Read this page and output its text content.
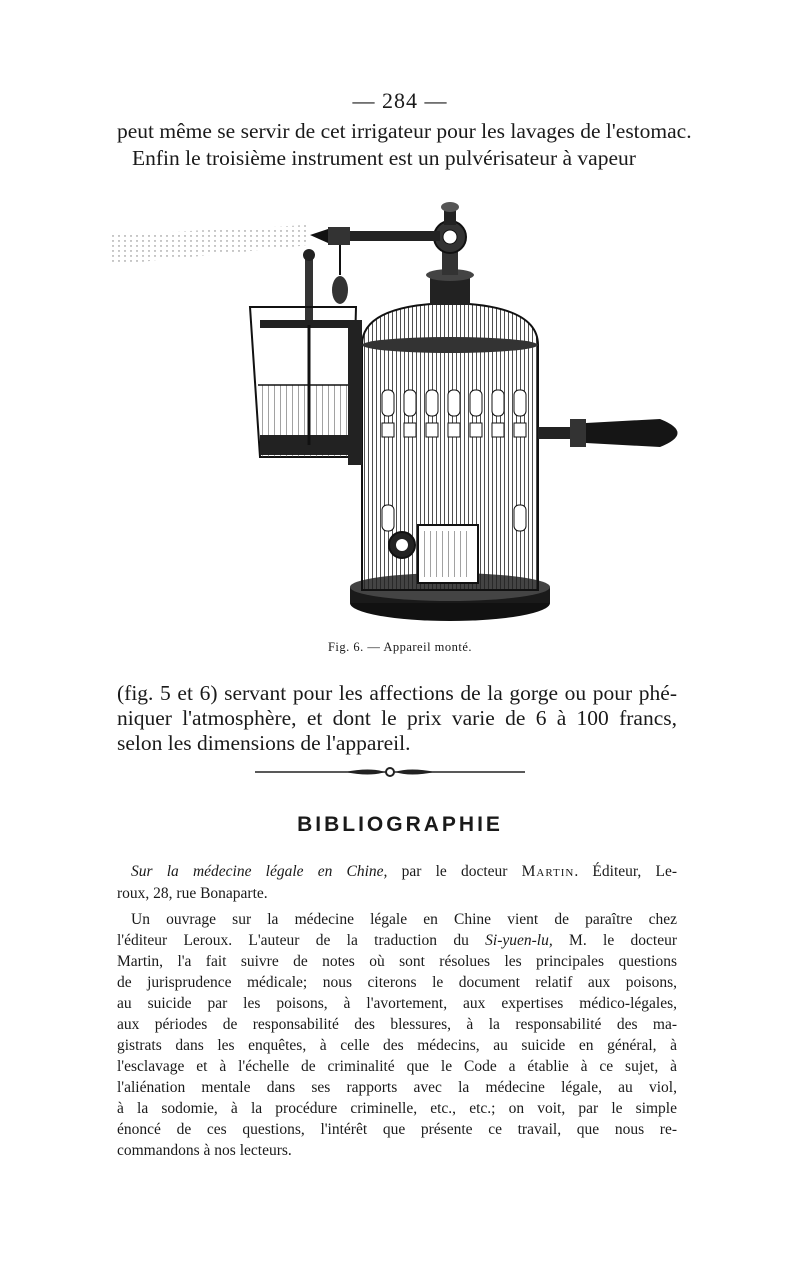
— 284 —
peut même se servir de cet irrigateur pour les lavages de l'estomac.
Enfin le troisième instrument est un pulvérisateur à vapeur
Fig. 6. — Appareil monté.
(fig. 5 et 6) servant pour les affections de la gorge ou pour phé-
niquer l'atmosphère, et dont le prix varie de 6 à 100 francs,
selon les dimensions de l'appareil.
BIBLIOGRAPHIE
Sur la médecine légale en Chine, par le docteur Martin. Éditeur, Le-
roux, 28, rue Bonaparte.
Un ouvrage sur la médecine légale en Chine vient de paraître chez
l'éditeur Leroux. L'auteur de la traduction du Si-yuen-lu, M. le docteur
Martin, l'a fait suivre de notes où sont résolues les principales questions
de jurisprudence médicale; nous citerons le document relatif aux poisons,
au suicide par les poisons, à l'avortement, aux expertises médico-légales,
aux périodes de responsabilité des blessures, à la responsabilité des ma-
gistrats dans les enquêtes, à celle des médecins, au suicide en général, à
l'esclavage et à l'échelle de criminalité que le Code a établie à ce sujet, à
l'aliénation mentale dans ses rapports avec la médecine légale, au viol,
à la sodomie, à la procédure criminelle, etc., etc.; on voit, par le simple
énoncé de ces questions, l'intérêt que présente ce travail, que nous re-
commandons à nos lecteurs.
